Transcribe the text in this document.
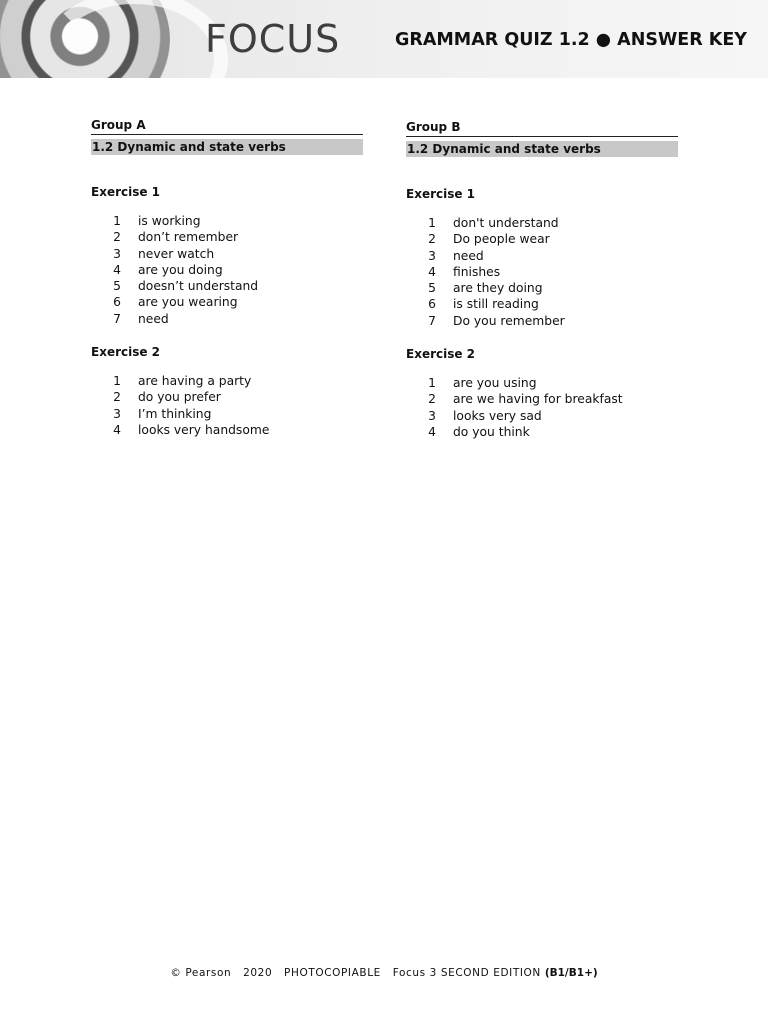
FOCUS	GRAMMAR QUIZ 1.2 ● ANSWER KEY
Group A
1.2 Dynamic and state verbs
Exercise 1
1 is working
2 don’t remember
3 never watch
4 are you doing
5 doesn’t understand
6 are you wearing
7 need
Exercise 2
1 are having a party
2 do you prefer
3 I’m thinking
4 looks very handsome
Group B
1.2 Dynamic and state verbs
Exercise 1
1 don't understand
2 Do people wear
3 need
4 finishes
5 are they doing
6 is still reading
7 Do you remember
Exercise 2
1 are you using
2 are we having for breakfast
3 looks very sad
4 do you think
© Pearson   2020   PHOTOCOPIABLE   Focus 3 SECOND EDITION (B1/B1+)
